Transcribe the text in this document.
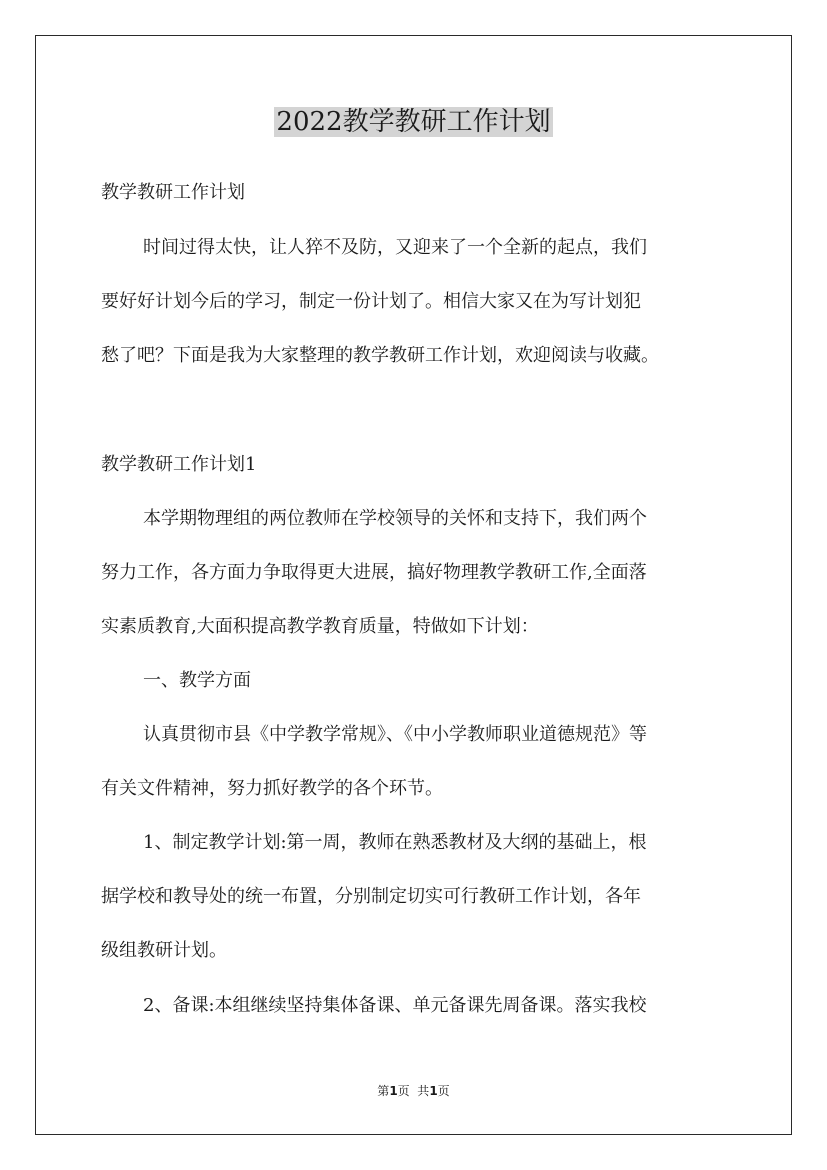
2022教学教研工作计划

教学教研工作计划

时间过得太快，让人猝不及防，又迎来了一个全新的起点，我们

要好好计划今后的学习，制定一份计划了。相信大家又在为写计划犯

愁了吧？下面是我为大家整理的教学教研工作计划，欢迎阅读与收藏。

教学教研工作计划1

本学期物理组的两位教师在学校领导的关怀和支持下，我们两个

努力工作，各方面力争取得更大进展，搞好物理教学教研工作,全面落

实素质教育,大面积提高教学教育质量，特做如下计划：

一、教学方面

认真贯彻市县《中学教学常规》、《中小学教师职业道德规范》等

有关文件精神，努力抓好教学的各个环节。

1、制定教学计划:第一周，教师在熟悉教材及大纲的基础上，根

据学校和教导处的统一布置，分别制定切实可行教研工作计划，各年

级组教研计划。

2、备课:本组继续坚持集体备课、单元备课先周备课。落实我校

第1页  共1页
